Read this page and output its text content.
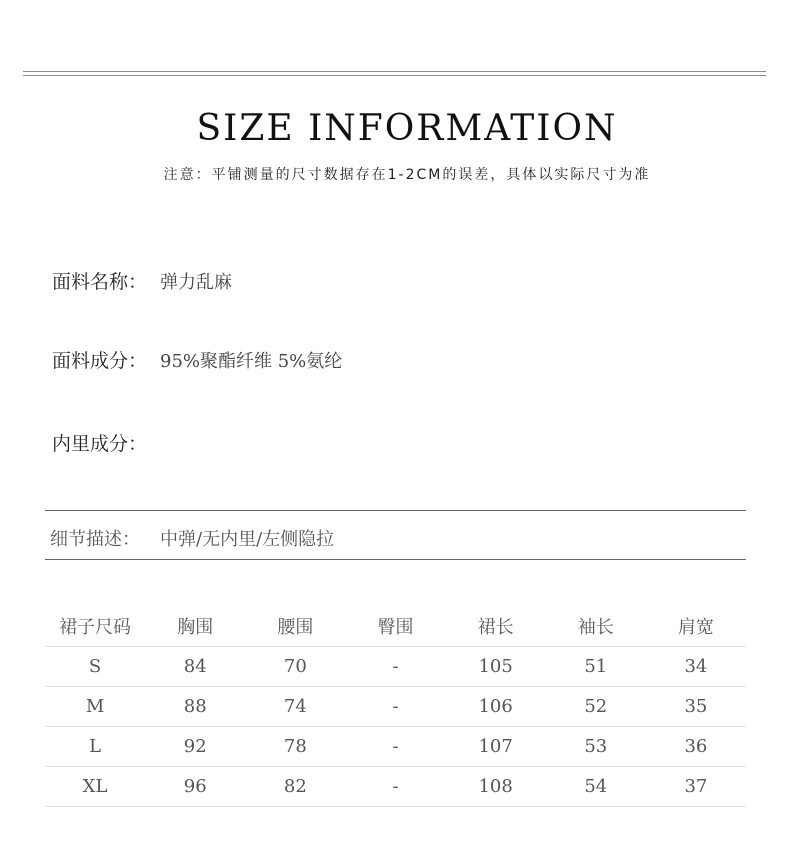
SIZE INFORMATION
注意：平铺测量的尺寸数据存在1-2CM的误差，具体以实际尺寸为准
面料名称： 弹力乱麻
面料成分： 95%聚酯纤维 5%氨纶
内里成分：
细节描述：	中弹/无内里/左侧隐拉
裙子尺码	胸围	腰围	臀围	裙长	袖长	肩宽
S	84	70	-	105	51	34
M	88	74	-	106	52	35
L	92	78	-	107	53	36
XL	96	82	-	108	54	37
